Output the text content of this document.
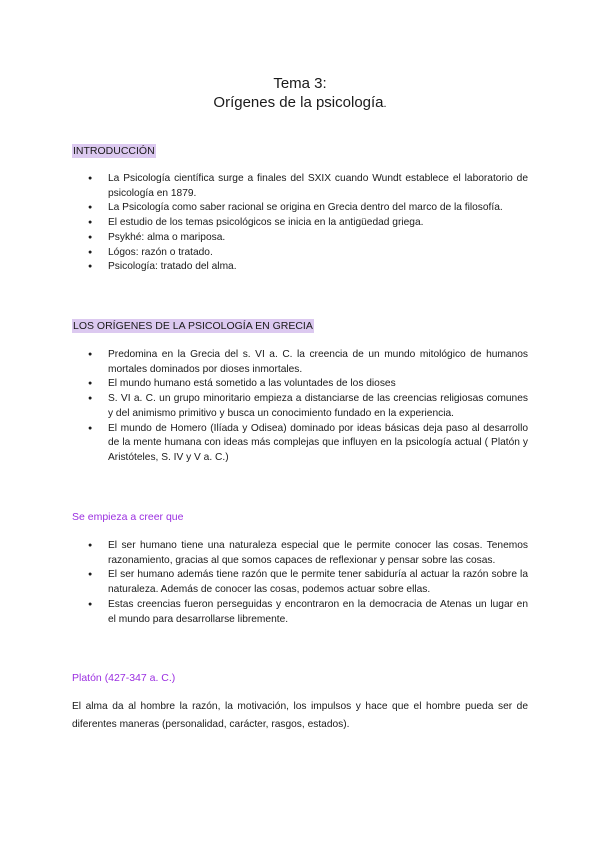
Tema 3:
Orígenes de la psicología.
INTRODUCCIÓN
● La Psicología científica surge a finales del SXIX cuando Wundt establece el laboratorio de psicología en 1879.
● La Psicología como saber racional se origina en Grecia dentro del marco de la filosofía.
● El estudio de los temas psicológicos se inicia en la antigüedad griega.
● Psykhé: alma o mariposa.
● Lógos: razón o tratado.
● Psicología: tratado del alma.
LOS ORÍGENES DE LA PSICOLOGÍA EN GRECIA
● Predomina en la Grecia del s. VI a. C. la creencia de un mundo mitológico de humanos mortales dominados por dioses inmortales.
● El mundo humano está sometido a las voluntades de los dioses
● S. VI a. C. un grupo minoritario empieza a distanciarse de las creencias religiosas comunes y del animismo primitivo y busca un conocimiento fundado en la experiencia.
● El mundo de Homero (Ilíada y Odisea) dominado por ideas básicas deja paso al desarrollo de la mente humana con ideas más complejas que influyen en la psicología actual ( Platón y Aristóteles, S. IV y V a. C.)
Se empieza a creer que
● El ser humano tiene una naturaleza especial que le permite conocer las cosas. Tenemos razonamiento, gracias al que somos capaces de reflexionar y pensar sobre las cosas.
● El ser humano además tiene razón que le permite tener sabiduría al actuar la razón sobre la naturaleza. Además de conocer las cosas, podemos actuar sobre ellas.
● Estas creencias fueron perseguidas y encontraron en la democracia de Atenas un lugar en el mundo para desarrollarse libremente.
Platón (427-347 a. C.)
El alma da al hombre la razón, la motivación, los impulsos y hace que el hombre pueda ser de diferentes maneras (personalidad, carácter, rasgos, estados).
